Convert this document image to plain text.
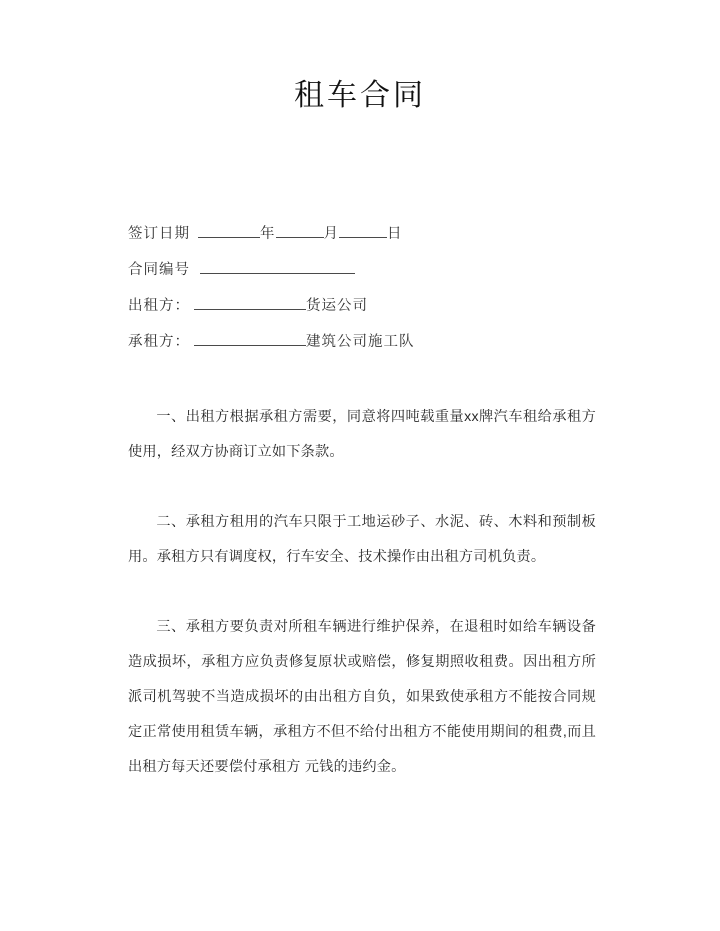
租车合同
签订日期	年	月	日
合同编号
出租方：	货运公司
承租方：	建筑公司施工队

一、出租方根据承租方需要，同意将四吨载重量xx牌汽车租给承租方使用，经双方协商订立如下条款。

二、承租方租用的汽车只限于工地运砂子、水泥、砖、木料和预制板用。承租方只有调度权，行车安全、技术操作由出租方司机负责。

三、承租方要负责对所租车辆进行维护保养，在退租时如给车辆设备造成损坏，承租方应负责修复原状或赔偿，修复期照收租费。因出租方所派司机驾驶不当造成损坏的由出租方自负，如果致使承租方不能按合同规定正常使用租赁车辆，承租方不但不给付出租方不能使用期间的租费,而且出租方每天还要偿付承租方 元钱的违约金。
